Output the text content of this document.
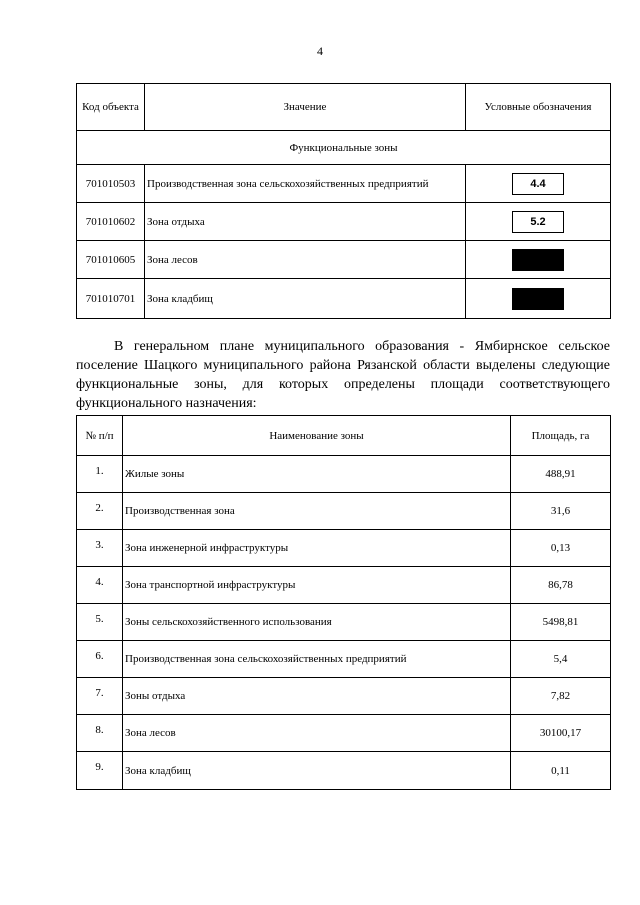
4
Код объекта	Значение	Условные обозначения
Функциональные зоны		
701010503	Производственная зона сельскохозяйственных предприятий	4.4

701010602	Зона отдыха	5.2

701010605	Зона лесов	

701010701	Зона кладбищ	
В генеральном плане муниципального образования - Ямбирнское сельское поселение Шацкого муниципального района Рязанской области выделены следующие функциональные зоны, для которых определены площади соответствующего функционального назначения:
№ п/п	Наименование зоны	Площадь, га
1.	Жилые зоны	488,91
2.	Производственная зона	31,6
3.	Зона инженерной инфраструктуры	0,13
4.	Зона транспортной инфраструктуры	86,78
5.	Зоны сельскохозяйственного использования	5498,81
6.	Производственная зона сельскохозяйственных предприятий	5,4
7.	Зоны отдыха	7,82
8.	Зона лесов	30100,17
9.	Зона кладбищ	0,11
